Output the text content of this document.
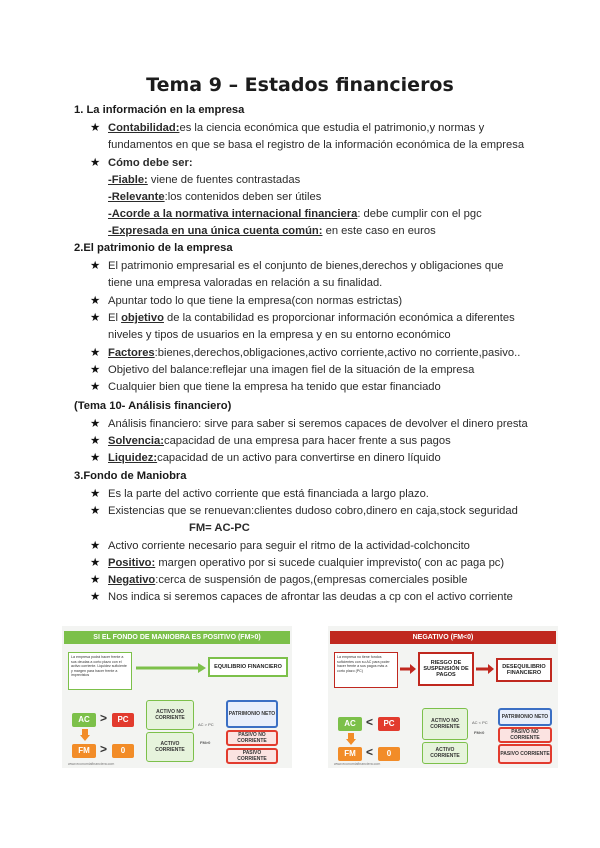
Tema 9 – Estados financieros
1. La información en la empresa
★ Contabilidad:es la ciencia económica que estudia el patrimonio,y normas y
fundamentos en que se basa el registro de la información económica de la empresa
★ Cómo debe ser:
-Fiable: viene de fuentes contrastadas
-Relevante:los contenidos deben ser útiles
-Acorde a la normativa internacional financiera: debe cumplir con el pgc
-Expresada en una única cuenta común: en este caso en euros
2.El patrimonio de la empresa
★ El patrimonio empresarial es el conjunto de bienes,derechos y obligaciones que
tiene una empresa valoradas en relación a su finalidad.
★ Apuntar todo lo que tiene la empresa(con normas estrictas)
★ El objetivo de la contabilidad es proporcionar información económica a diferentes
niveles y tipos de usuarios en la empresa y en su entorno económico
★ Factores:bienes,derechos,obligaciones,activo corriente,activo no corriente,pasivo..
★ Objetivo del balance:reflejar una imagen fiel de la situación de la empresa
★ Cualquier bien que tiene la empresa ha tenido que estar financiado
(Tema 10- Análisis financiero)
★ Análisis financiero: sirve para saber si seremos capaces de devolver el dinero presta
★ Solvencia:capacidad de una empresa para hacer frente a sus pagos
★ Liquidez:capacidad de un activo para convertirse en dinero líquido
3.Fondo de Maniobra
★ Es la parte del activo corriente que está financiada a largo plazo.
★ Existencias que se renuevan:clientes dudoso cobro,dinero en caja,stock seguridad
FM= AC-PC
★ Activo corriente necesario para seguir el ritmo de la actividad-colchoncito
★ Positivo: margen operativo por si sucede cualquier imprevisto( con ac paga pc)
★ Negativo:cerca de suspensión de pagos,(empresas comerciales posible
★ Nos indica si seremos capaces de afrontar las deudas a cp con el activo corriente
SI EL FONDO DE MANIOBRA ES POSITIVO (FM>0)
La empresa podrá hacer frente a sus deudas a corto plazo con el activo corriente. Liquidez suficiente y margen para hacer frente a imprevistos
EQUILIBRIO FINANCIERO
AC >	PC
FM >	0
ACTIVO NO CORRIENTE
ACTIVO CORRIENTE
AC > PC
FM>0
PATRIMONIO NETO
PASIVO NO CORRIENTE
PASIVO CORRIENTE
www.economiafinanciera.com
NEGATIVO (FM<0)
La empresa no tiene fondos suficientes con su AC para poder hacer frente a sus pagos más a corto plazo (PC)
RIESGO DE SUSPENSIÓN DE PAGOS
DESEQUILIBRIO FINANCIERO
AC <	PC
FM <	0
ACTIVO NO CORRIENTE
ACTIVO CORRIENTE
AC < PC
FM<0
PATRIMONIO NETO
PASIVO NO CORRIENTE
PASIVO CORRIENTE
www.economiafinanciera.com
